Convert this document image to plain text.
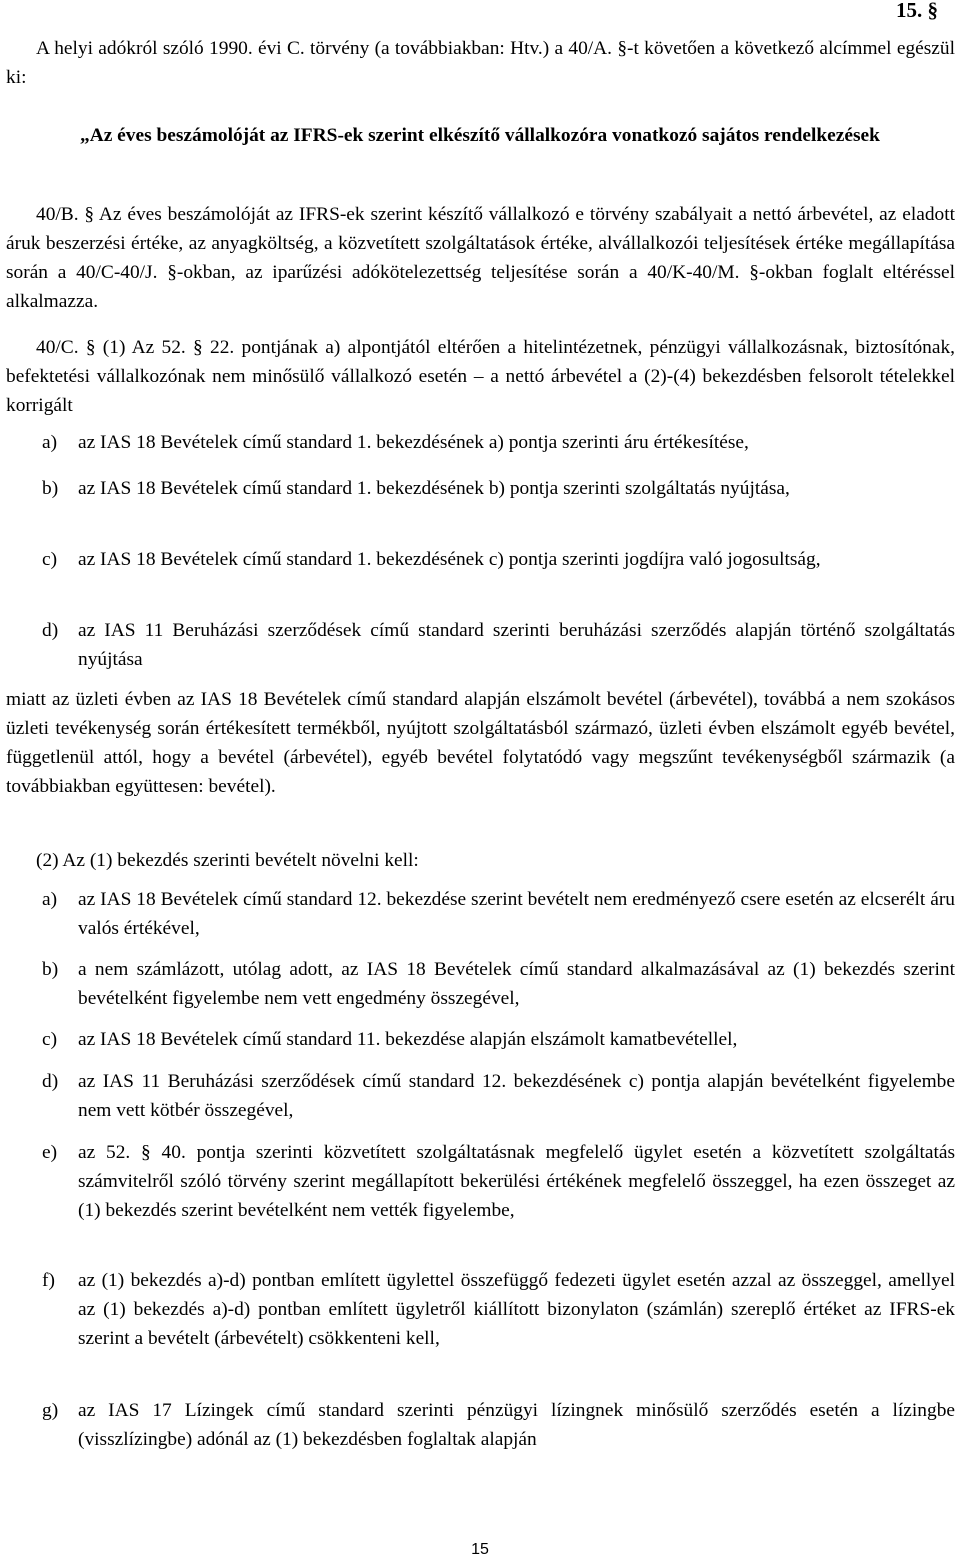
15. §
A helyi adókról szóló 1990. évi C. törvény (a továbbiakban: Htv.) a 40/A. §-t követően a következő alcímmel egészül ki:
„Az éves beszámolóját az IFRS-ek szerint elkészítő vállalkozóra vonatkozó sajátos rendelkezések
40/B. § Az éves beszámolóját az IFRS-ek szerint készítő vállalkozó e törvény szabályait a nettó árbevétel, az eladott áruk beszerzési értéke, az anyagköltség, a közvetített szolgáltatások értéke, alvállalkozói teljesítések értéke megállapítása során a 40/C-40/J. §-okban, az iparűzési adókötelezettség teljesítése során a 40/K-40/M. §-okban foglalt eltéréssel alkalmazza.
40/C. § (1) Az 52. § 22. pontjának a) alpontjától eltérően a hitelintézetnek, pénzügyi vállalkozásnak, biztosítónak, befektetési vállalkozónak nem minősülő vállalkozó esetén – a nettó árbevétel a (2)-(4) bekezdésben felsorolt tételekkel korrigált
a) az IAS 18 Bevételek című standard 1. bekezdésének a) pontja szerinti áru értékesítése,
b) az IAS 18 Bevételek című standard 1. bekezdésének b) pontja szerinti szolgáltatás nyújtása,
c) az IAS 18 Bevételek című standard 1. bekezdésének c) pontja szerinti jogdíjra való jogosultság,
d) az IAS 11 Beruházási szerződések című standard szerinti beruházási szerződés alapján történő szolgáltatás nyújtása
miatt az üzleti évben az IAS 18 Bevételek című standard alapján elszámolt bevétel (árbevétel), továbbá a nem szokásos üzleti tevékenység során értékesített termékből, nyújtott szolgáltatásból származó, üzleti évben elszámolt egyéb bevétel, függetlenül attól, hogy a bevétel (árbevétel), egyéb bevétel folytatódó vagy megszűnt tevékenységből származik (a továbbiakban együttesen: bevétel).
(2) Az (1) bekezdés szerinti bevételt növelni kell:
a) az IAS 18 Bevételek című standard 12. bekezdése szerint bevételt nem eredményező csere esetén az elcserélt áru valós értékével,
b) a nem számlázott, utólag adott, az IAS 18 Bevételek című standard alkalmazásával az (1) bekezdés szerint bevételként figyelembe nem vett engedmény összegével,
c) az IAS 18 Bevételek című standard 11. bekezdése alapján elszámolt kamatbevétellel,
d) az IAS 11 Beruházási szerződések című standard 12. bekezdésének c) pontja alapján bevételként figyelembe nem vett kötbér összegével,
e) az 52. § 40. pontja szerinti közvetített szolgáltatásnak megfelelő ügylet esetén a közvetített szolgáltatás számvitelről szóló törvény szerint megállapított bekerülési értékének megfelelő összeggel, ha ezen összeget az (1) bekezdés szerint bevételként nem vették figyelembe,
f) az (1) bekezdés a)-d) pontban említett ügylettel összefüggő fedezeti ügylet esetén azzal az összeggel, amellyel az (1) bekezdés a)-d) pontban említett ügyletről kiállított bizonylaton (számlán) szereplő értéket az IFRS-ek szerint a bevételt (árbevételt) csökkenteni kell,
g) az IAS 17 Lízingek című standard szerinti pénzügyi lízingnek minősülő szerződés esetén a lízingbe (visszlízingbe) adónál az (1) bekezdésben foglaltak alapján
15
